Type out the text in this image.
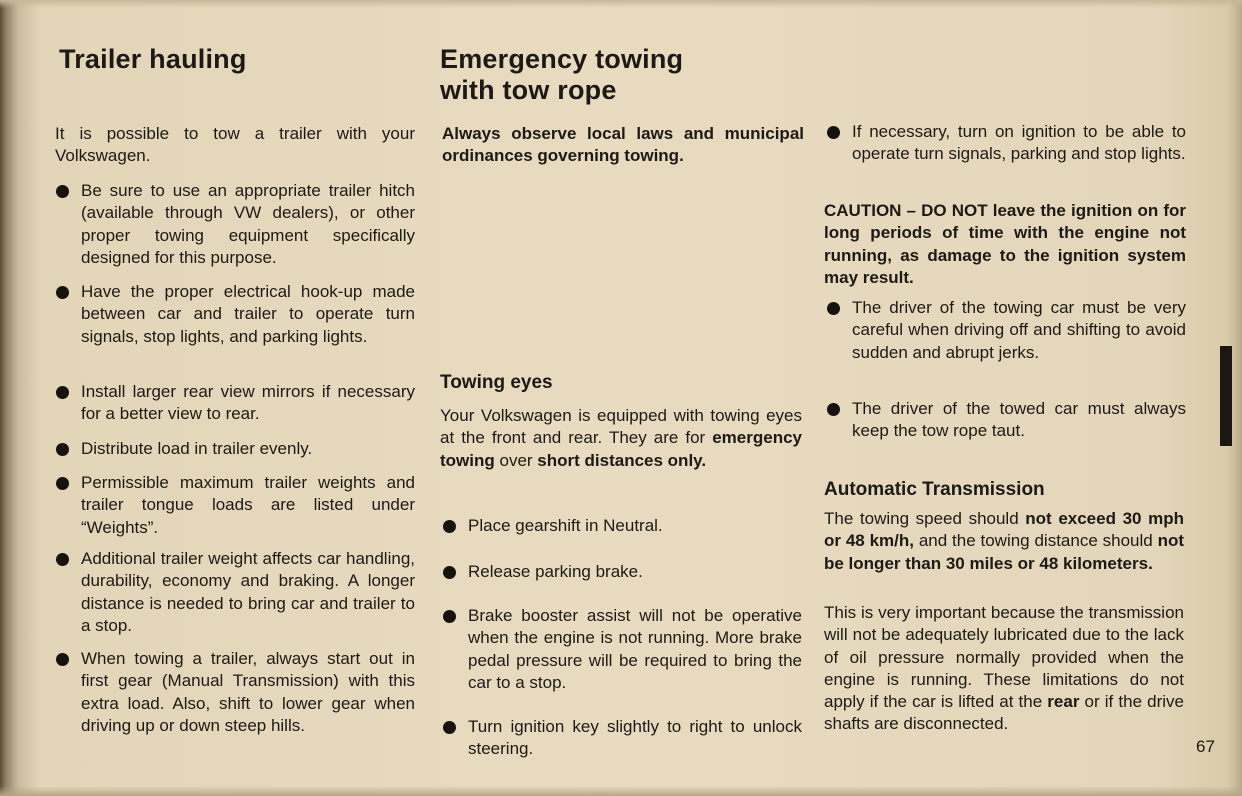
Trailer hauling

It is possible to tow a trailer with your Volkswagen.

Be sure to use an appropriate trailer hitch (available through VW dealers), or other proper towing equipment specifically designed for this purpose.
Have the proper electrical hook-up made between car and trailer to operate turn signals, stop lights, and parking lights.
Install larger rear view mirrors if necessary for a better view to rear.
Distribute load in trailer evenly.
Permissible maximum trailer weights and trailer tongue loads are listed under “Weights”.
Additional trailer weight affects car handling, durability, economy and braking. A longer distance is needed to bring car and trailer to a stop.
When towing a trailer, always start out in first gear (Manual Transmission) with this extra load. Also, shift to lower gear when driving up or down steep hills.
Emergency towing
with tow rope

Always observe local laws and municipal ordinances governing towing.

Towing eyes

Your Volkswagen is equipped with towing eyes at the front and rear. They are for emergency towing over short distances only.

Place gearshift in Neutral.
Release parking brake.
Brake booster assist will not be operative when the engine is not running. More brake pedal pressure will be required to bring the car to a stop.
Turn ignition key slightly to right to unlock steering.
If necessary, turn on ignition to be able to operate turn signals, parking and stop lights.

CAUTION – DO NOT leave the ignition on for long periods of time with the engine not running, as damage to the ignition system may result.

The driver of the towing car must be very careful when driving off and shifting to avoid sudden and abrupt jerks.
The driver of the towed car must always keep the tow rope taut.
Automatic Transmission

The towing speed should not exceed 30 mph or 48 km/h, and the towing distance should not be longer than 30 miles or 48 kilometers.

This is very important because the transmission will not be adequately lubricated due to the lack of oil pressure normally provided when the engine is running. These limitations do not apply if the car is lifted at the rear or if the drive shafts are disconnected.

67
